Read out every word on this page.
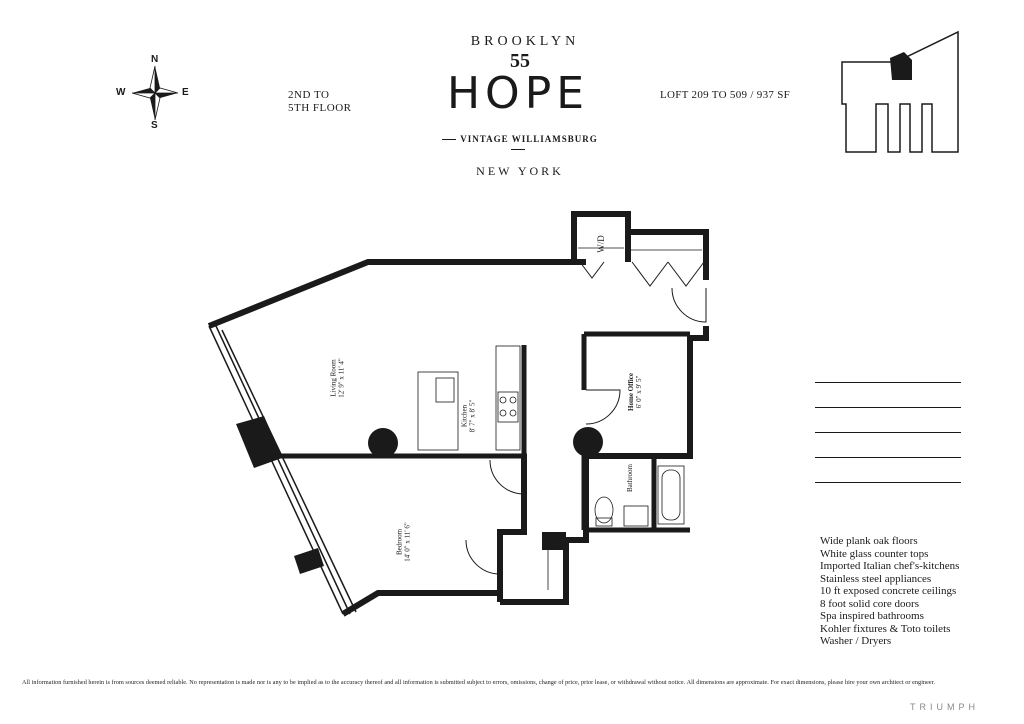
N
S
W	E	2ND TO
5TH FLOOR
BROOKLYN
55
HOPE
VINTAGE WILLIAMSBURG
NEW YORK
LOFT 209 TO 509 / 937 SF
Living Room 12' 9" x 11' 4"
Kitchen 8' 7" x 8' 5"
Home Office 6' 0" x 9' 5"
Bathroom
Bedroom 14' 0" x 11' 6"
W/D
Wide plank oak floors
White glass counter tops
Imported Italian chef's-kitchens
Stainless steel appliances
10 ft exposed concrete ceilings
8 foot solid core doors
Spa inspired bathrooms
Kohler fixtures & Toto toilets
Washer / Dryers
All information furnished herein is from sources deemed reliable. No representation is made nor is any to be implied as to the accuracy thereof and all information is submitted subject to errors, omissions, change of price, prior lease, or withdrawal without notice. All dimensions are approximate. For exact dimensions, please hire your own architect or engineer.
TRIUMPH
